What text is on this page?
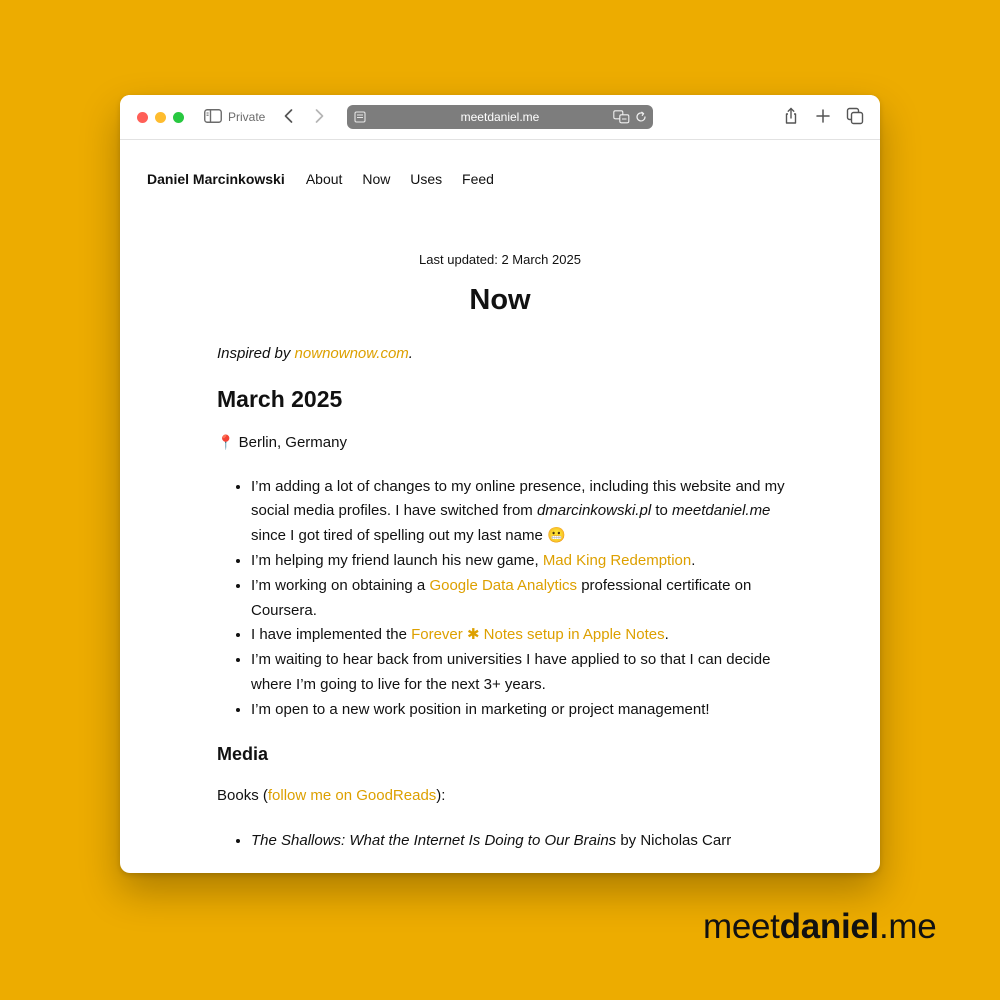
Private	meetdaniel.me
Daniel Marcinkowski About Now Uses Feed
Last updated: 2 March 2025
Now

Inspired by nownownow.com.

March 2025

📍 Berlin, Germany

• I’m adding a lot of changes to my online presence, including this website and my social media profiles. I have switched from dmarcinkowski.pl to meetdaniel.me since I got tired of spelling out my last name 😬
• I’m helping my friend launch his new game, Mad King Redemption.
• I’m working on obtaining a Google Data Analytics professional certificate on Coursera.
• I have implemented the Forever ✱ Notes setup in Apple Notes.
• I’m waiting to hear back from universities I have applied to so that I can decide where I’m going to live for the next 3+ years.
• I’m open to a new work position in marketing or project management!
Media

Books (follow me on GoodReads):

• The Shallows: What the Internet Is Doing to Our Brains by Nicholas Carr
meetdaniel.me
